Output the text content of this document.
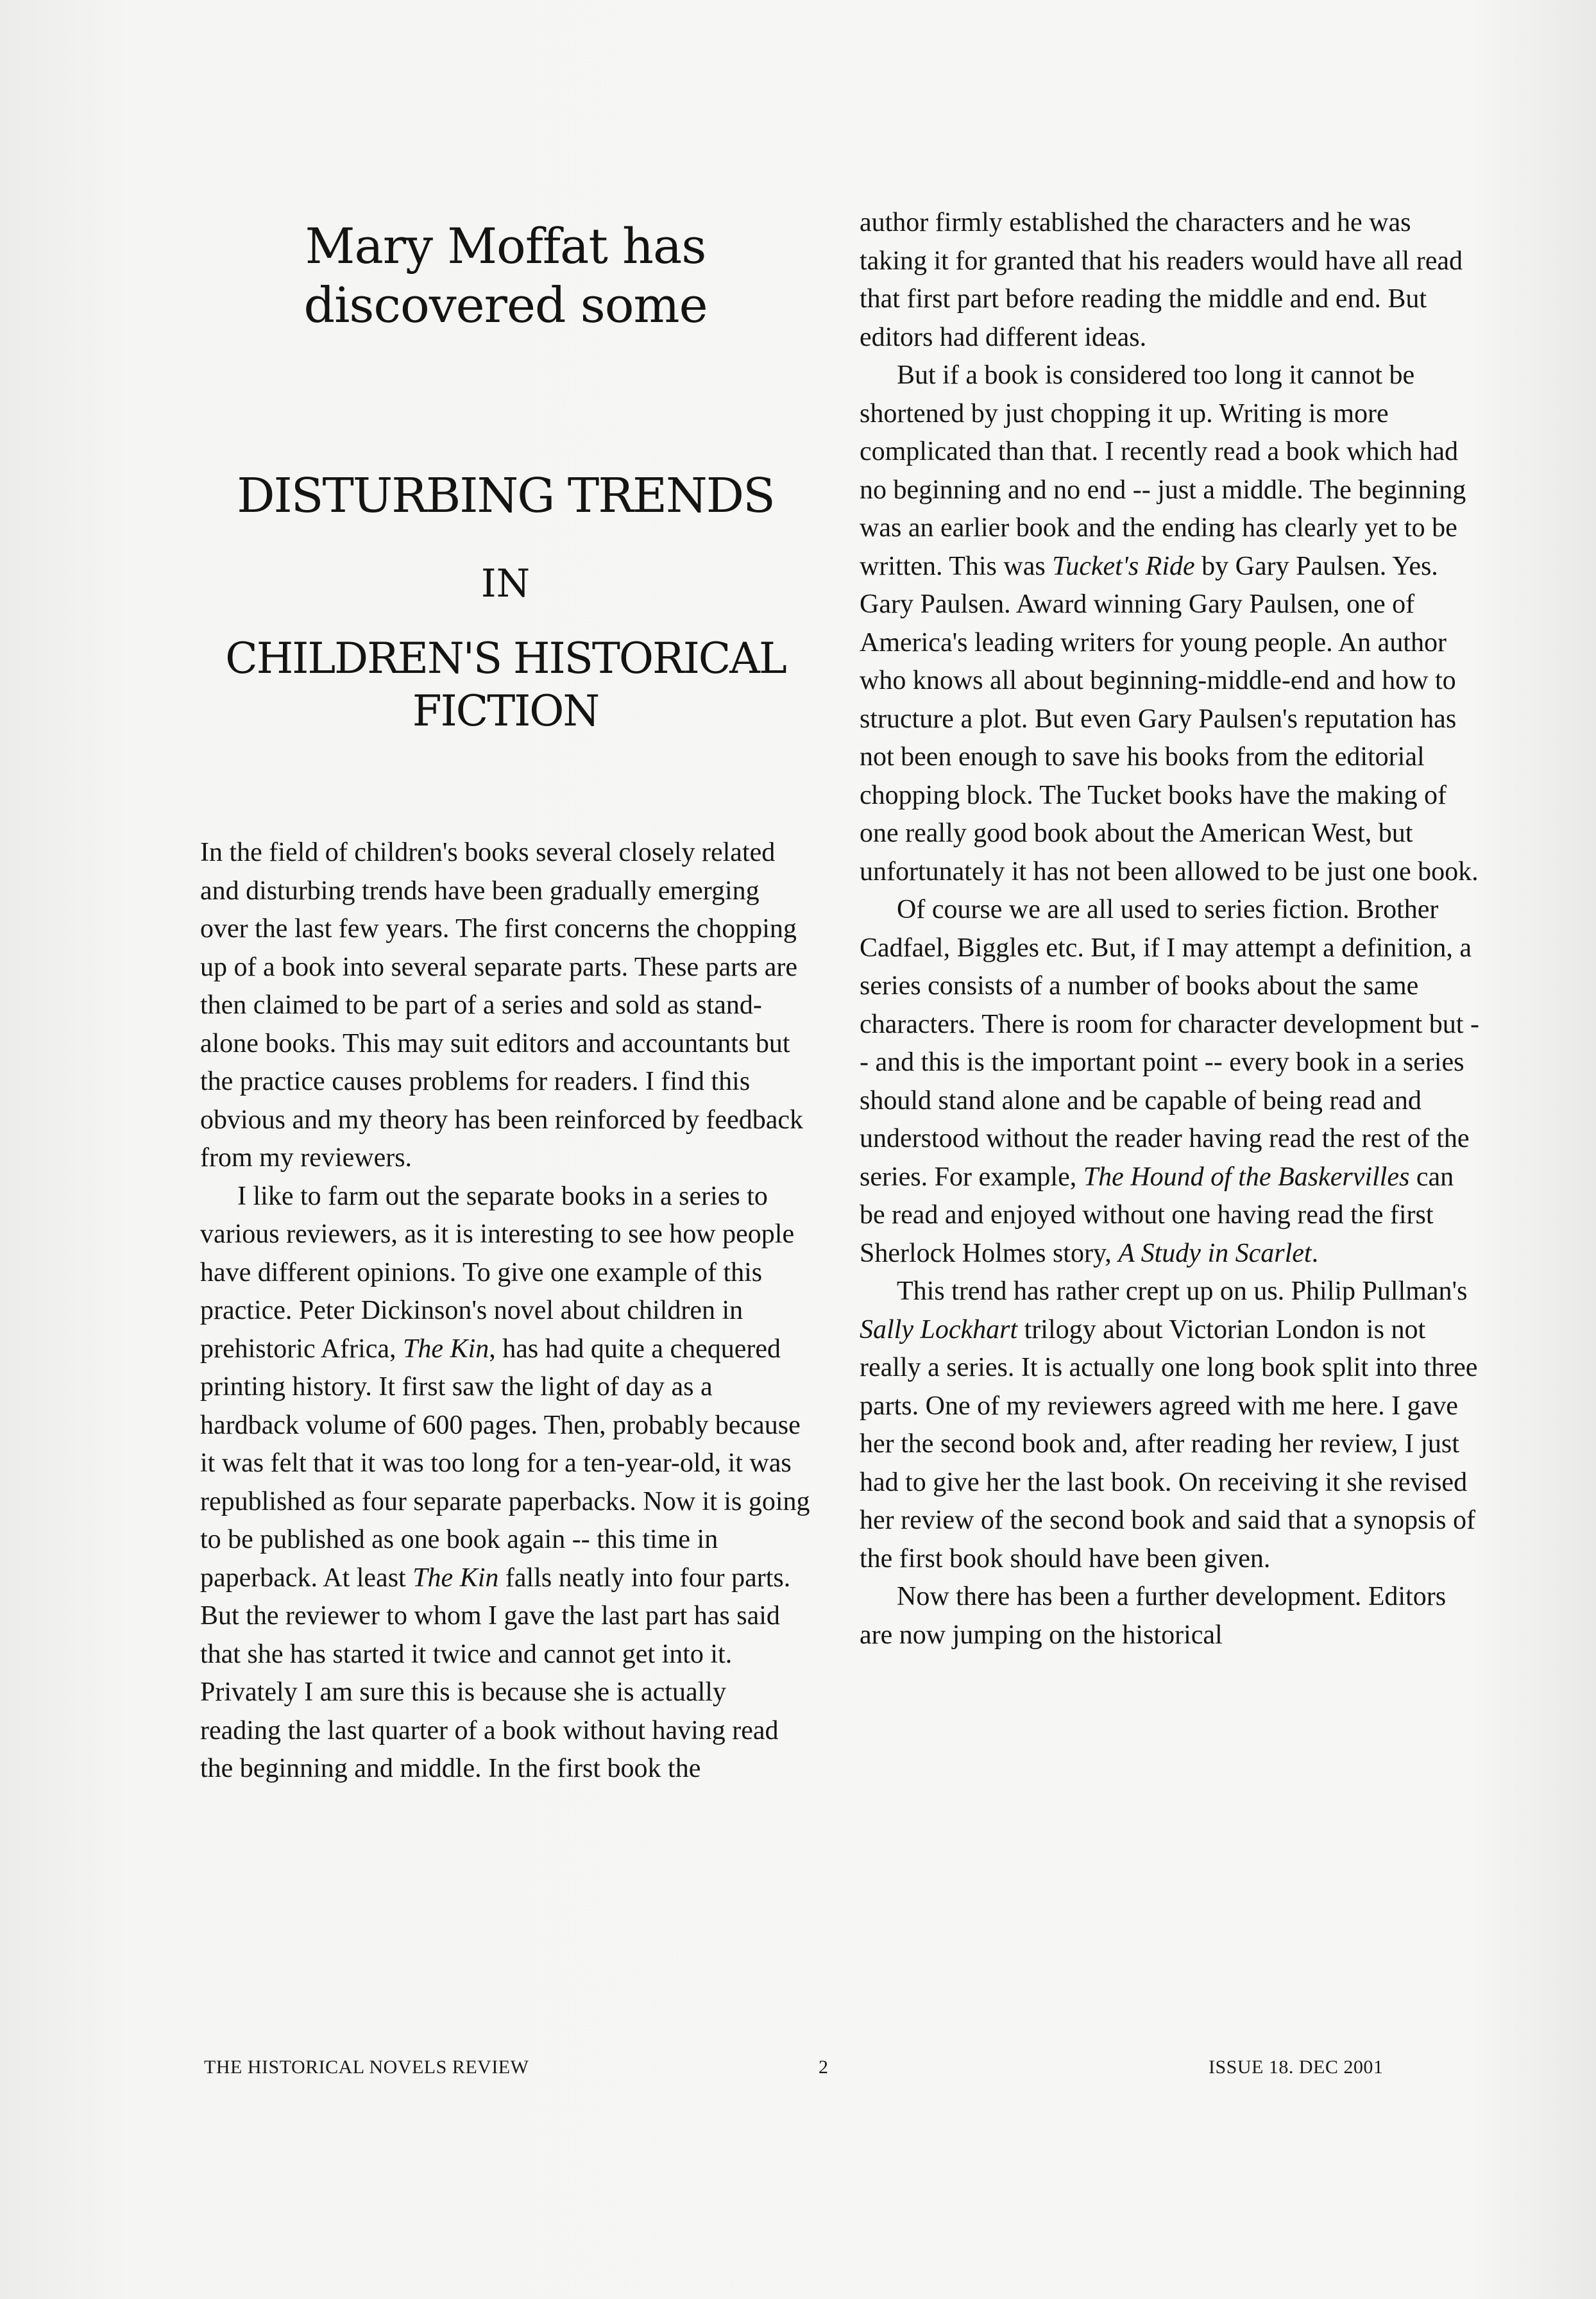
Mary Moffat has
discovered some
DISTURBING TRENDS
IN
CHILDREN'S HISTORICAL
FICTION

In the field of children's books several closely related and disturbing trends have been gradually emerging over the last few years. The first concerns the chopping up of a book into several separate parts. These parts are then claimed to be part of a series and sold as stand-alone books. This may suit editors and accountants but the practice causes problems for readers. I find this obvious and my theory has been reinforced by feedback from my reviewers.

I like to farm out the separate books in a series to various reviewers, as it is interesting to see how people have different opinions. To give one example of this practice. Peter Dickinson's novel about children in prehistoric Africa, The Kin, has had quite a chequered printing history. It first saw the light of day as a hardback volume of 600 pages. Then, probably because it was felt that it was too long for a ten-year-old, it was republished as four separate paperbacks. Now it is going to be published as one book again -- this time in paperback. At least The Kin falls neatly into four parts. But the reviewer to whom I gave the last part has said that she has started it twice and cannot get into it. Privately I am sure this is because she is actually reading the last quarter of a book without having read the beginning and middle. In the first book the

author firmly established the characters and he was taking it for granted that his readers would have all read that first part before reading the middle and end. But editors had different ideas.

But if a book is considered too long it cannot be shortened by just chopping it up. Writing is more complicated than that. I recently read a book which had no beginning and no end -- just a middle. The beginning was an earlier book and the ending has clearly yet to be written. This was Tucket's Ride by Gary Paulsen. Yes. Gary Paulsen. Award winning Gary Paulsen, one of America's leading writers for young people. An author who knows all about beginning-middle-end and how to structure a plot. But even Gary Paulsen's reputation has not been enough to save his books from the editorial chopping block. The Tucket books have the making of one really good book about the American West, but unfortunately it has not been allowed to be just one book.

Of course we are all used to series fiction. Brother Cadfael, Biggles etc. But, if I may attempt a definition, a series consists of a number of books about the same characters. There is room for character development but -- and this is the important point -- every book in a series should stand alone and be capable of being read and understood without the reader having read the rest of the series. For example, The Hound of the Baskervilles can be read and enjoyed without one having read the first Sherlock Holmes story, A Study in Scarlet.

This trend has rather crept up on us. Philip Pullman's Sally Lockhart trilogy about Victorian London is not really a series. It is actually one long book split into three parts. One of my reviewers agreed with me here. I gave her the second book and, after reading her review, I just had to give her the last book. On receiving it she revised her review of the second book and said that a synopsis of the first book should have been given.

Now there has been a further development. Editors are now jumping on the historical

THE HISTORICAL NOVELS REVIEW	2	ISSUE 18. DEC 2001
